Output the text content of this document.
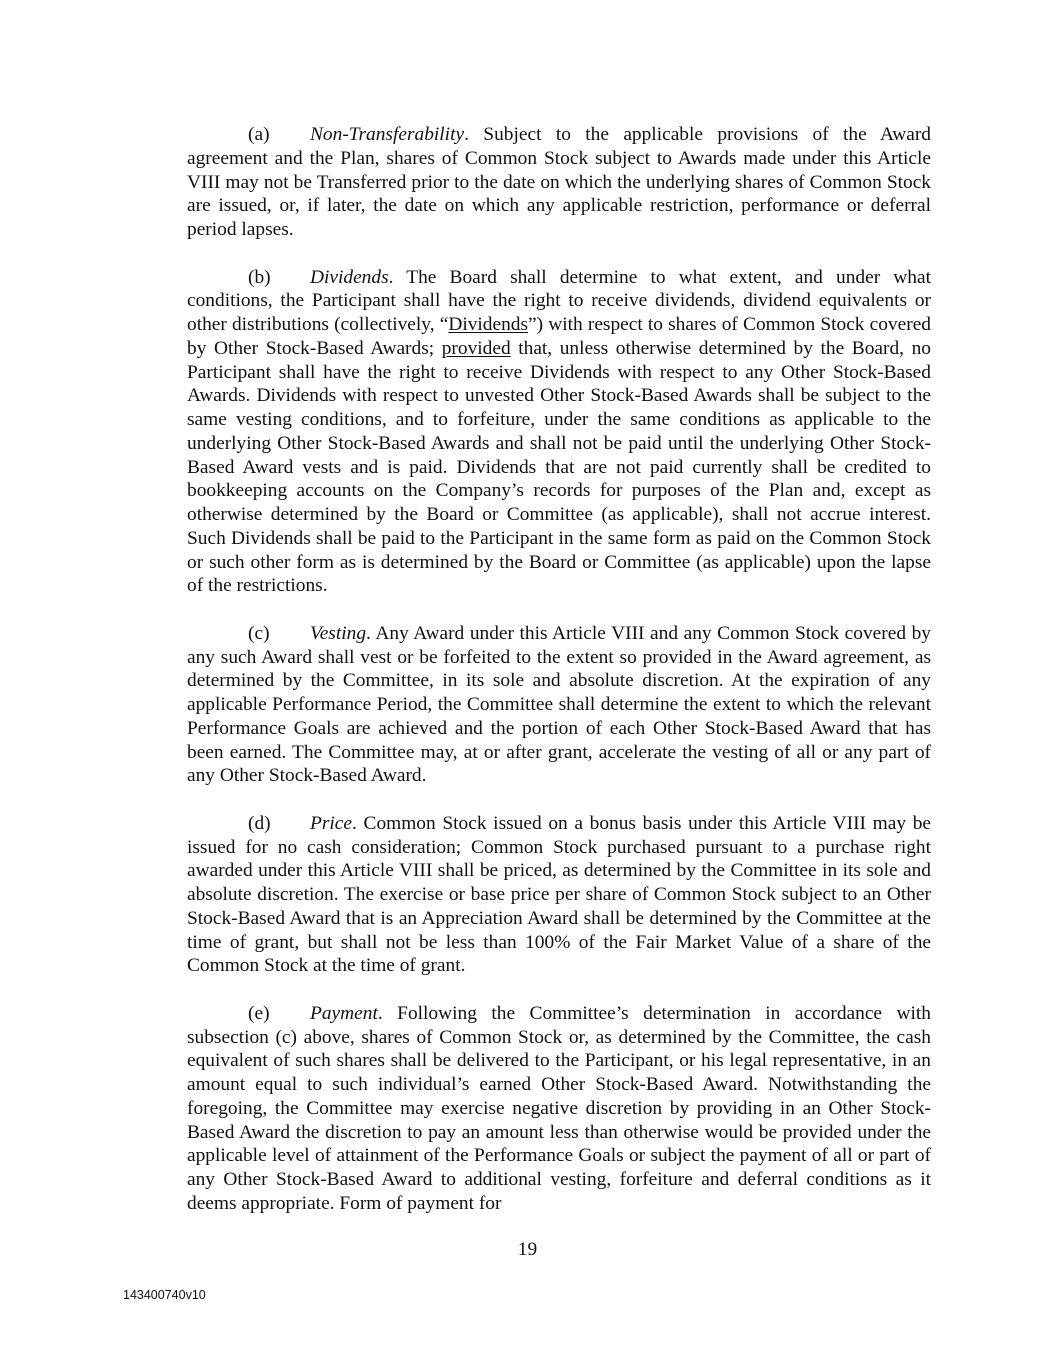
(a) Non-Transferability. Subject to the applicable provisions of the Award agreement and the Plan, shares of Common Stock subject to Awards made under this Article VIII may not be Transferred prior to the date on which the underlying shares of Common Stock are issued, or, if later, the date on which any applicable restriction, performance or deferral period lapses.

(b) Dividends. The Board shall determine to what extent, and under what conditions, the Participant shall have the right to receive dividends, dividend equivalents or other distributions (collectively, “Dividends”) with respect to shares of Common Stock covered by Other Stock-Based Awards; provided that, unless otherwise determined by the Board, no Participant shall have the right to receive Dividends with respect to any Other Stock-Based Awards. Dividends with respect to unvested Other Stock-Based Awards shall be subject to the same vesting conditions, and to forfeiture, under the same conditions as applicable to the underlying Other Stock-Based Awards and shall not be paid until the underlying Other Stock-Based Award vests and is paid. Dividends that are not paid currently shall be credited to bookkeeping accounts on the Company’s records for purposes of the Plan and, except as otherwise determined by the Board or Committee (as applicable), shall not accrue interest. Such Dividends shall be paid to the Participant in the same form as paid on the Common Stock or such other form as is determined by the Board or Committee (as applicable) upon the lapse of the restrictions.

(c) Vesting. Any Award under this Article VIII and any Common Stock covered by any such Award shall vest or be forfeited to the extent so provided in the Award agreement, as determined by the Committee, in its sole and absolute discretion. At the expiration of any applicable Performance Period, the Committee shall determine the extent to which the relevant Performance Goals are achieved and the portion of each Other Stock-Based Award that has been earned. The Committee may, at or after grant, accelerate the vesting of all or any part of any Other Stock-Based Award.

(d) Price. Common Stock issued on a bonus basis under this Article VIII may be issued for no cash consideration; Common Stock purchased pursuant to a purchase right awarded under this Article VIII shall be priced, as determined by the Committee in its sole and absolute discretion. The exercise or base price per share of Common Stock subject to an Other Stock-Based Award that is an Appreciation Award shall be determined by the Committee at the time of grant, but shall not be less than 100% of the Fair Market Value of a share of the Common Stock at the time of grant.

(e) Payment. Following the Committee’s determination in accordance with subsection (c) above, shares of Common Stock or, as determined by the Committee, the cash equivalent of such shares shall be delivered to the Participant, or his legal representative, in an amount equal to such individual’s earned Other Stock-Based Award. Notwithstanding the foregoing, the Committee may exercise negative discretion by providing in an Other Stock-Based Award the discretion to pay an amount less than otherwise would be provided under the applicable level of attainment of the Performance Goals or subject the payment of all or part of any Other Stock-Based Award to additional vesting, forfeiture and deferral conditions as it deems appropriate. Form of payment for

19
143400740v10
